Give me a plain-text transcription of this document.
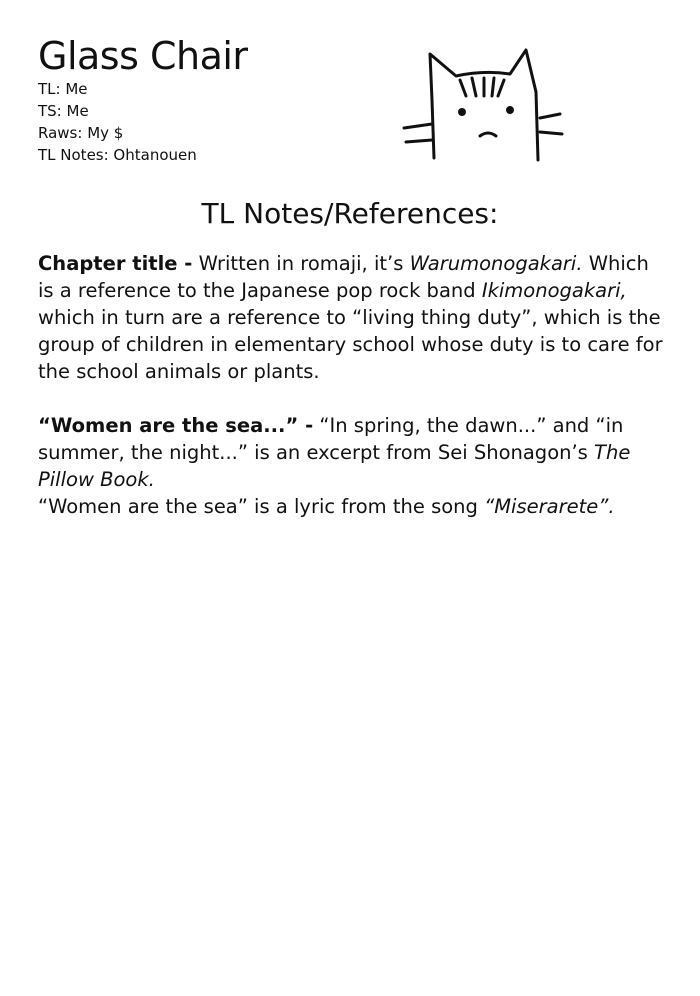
Glass Chair

TL: Me

TS: Me

Raws: My $

TL Notes: Ohtanouen

TL Notes/References:

Chapter title - Written in romaji, it’s Warumonogakari. Which is a reference to the Japanese pop rock band Ikimonogakari, which in turn are a reference to “living thing duty”, which is the group of children in elementary school whose duty is to care for the school animals or plants.

“Women are the sea...” - “In spring, the dawn...” and “in summer, the night...” is an excerpt from Sei Shonagon’s The Pillow Book.
“Women are the sea” is a lyric from the song “Miserarete”.
